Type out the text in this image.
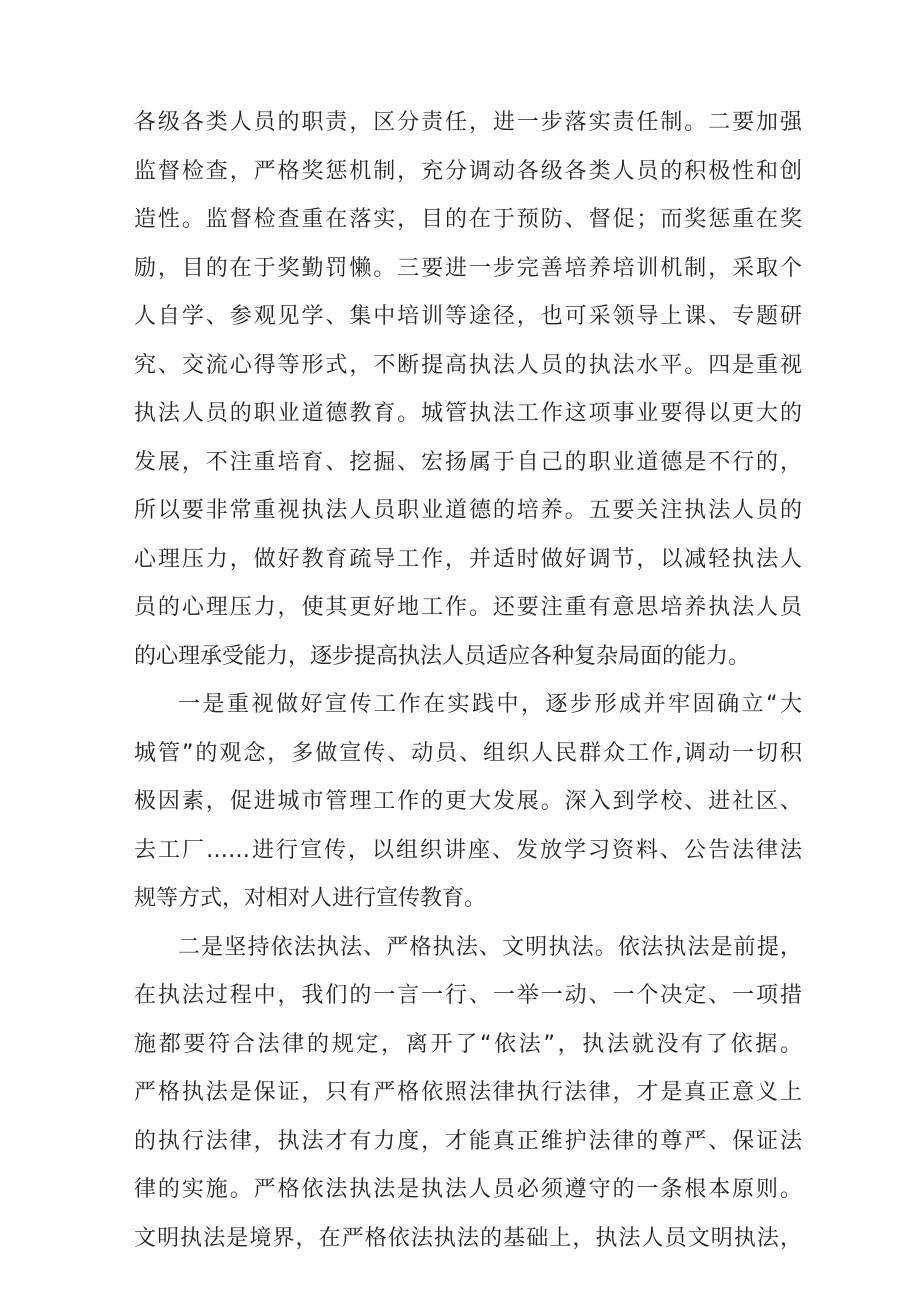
各级各类人员的职责，区分责任，进一步落实责任制。二要加强
监督检查，严格奖惩机制，充分调动各级各类人员的积极性和创
造性。监督检查重在落实，目的在于预防、督促；而奖惩重在奖
励，目的在于奖勤罚懒。三要进一步完善培养培训机制，采取个
人自学、参观见学、集中培训等途径，也可采领导上课、专题研
究、交流心得等形式，不断提高执法人员的执法水平。四是重视
执法人员的职业道德教育。城管执法工作这项事业要得以更大的
发展，不注重培育、挖掘、宏扬属于自己的职业道德是不行的，
所以要非常重视执法人员职业道德的培养。五要关注执法人员的
心理压力，做好教育疏导工作，并适时做好调节，以减轻执法人
员的心理压力，使其更好地工作。还要注重有意思培养执法人员
的心理承受能力，逐步提高执法人员适应各种复杂局面的能力。
一是重视做好宣传工作在实践中，逐步形成并牢固确立“大
城管”的观念，多做宣传、动员、组织人民群众工作,调动一切积
极因素，促进城市管理工作的更大发展。深入到学校、进社区、
去工厂……进行宣传，以组织讲座、发放学习资料、公告法律法
规等方式，对相对人进行宣传教育。
二是坚持依法执法、严格执法、文明执法。依法执法是前提，
在执法过程中，我们的一言一行、一举一动、一个决定、一项措
施都要符合法律的规定，离开了“依法”，执法就没有了依据。
严格执法是保证，只有严格依照法律执行法律，才是真正意义上
的执行法律，执法才有力度，才能真正维护法律的尊严、保证法
律的实施。严格依法执法是执法人员必须遵守的一条根本原则。
文明执法是境界，在严格依法执法的基础上，执法人员文明执法，
